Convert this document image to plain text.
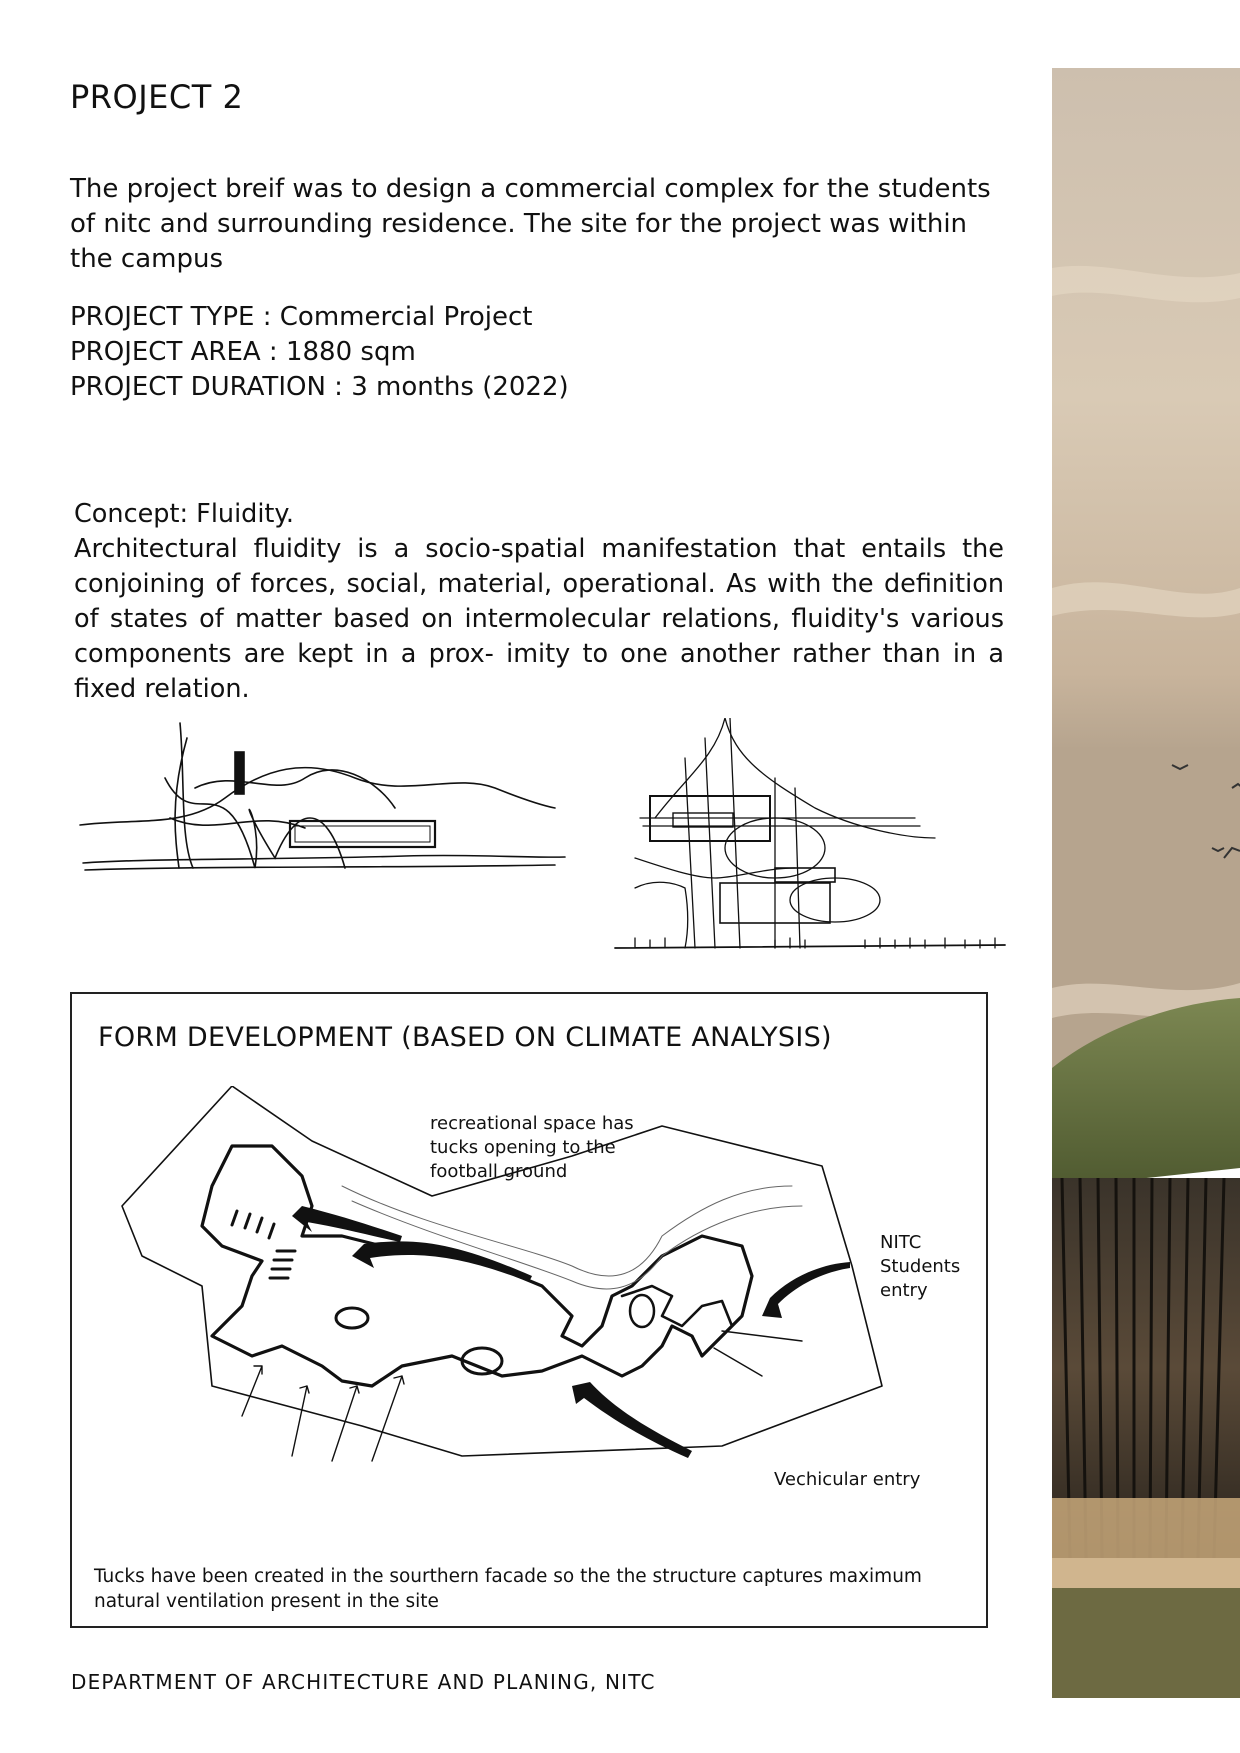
PROJECT 2
The project breif was to design a commercial complex for the students of nitc and surrounding residence. The site for the project was within the campus
PROJECT TYPE : Commercial Project
PROJECT AREA : 1880 sqm
PROJECT DURATION : 3 months (2022)
Concept: Fluidity.
Architectural fluidity is a socio-spatial manifestation that entails the conjoining of forces, social, material, operational. As with the definition of states of matter based on intermolecular relations, fluidity's various components are kept in a prox- imity to one another rather than in a fixed relation.
FORM DEVELOPMENT (BASED ON CLIMATE ANALYSIS)
recreational space has
tucks opening to the
football ground
NITC
Students
entry
Vechicular entry
Tucks have been created in the sourthern facade so the the structure captures maximum natural ventilation present in the site
DEPARTMENT OF ARCHITECTURE AND PLANING, NITC
